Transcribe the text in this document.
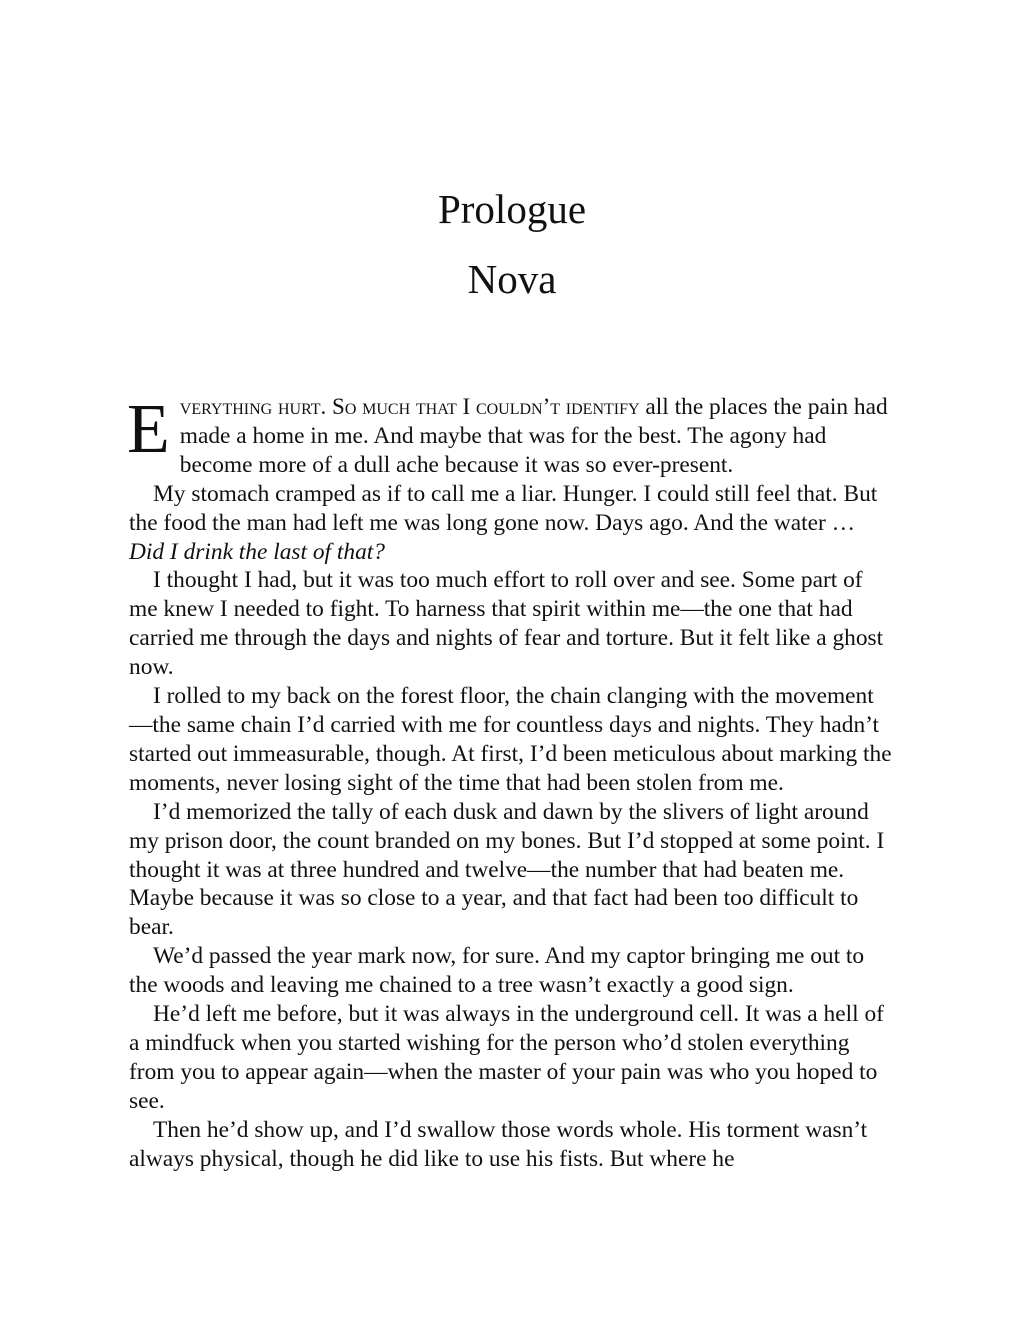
Prologue
Nova

Everything hurt. So much that I couldn’t identify all the places the pain had made a home in me. And maybe that was for the best. The agony had become more of a dull ache because it was so ever-present.

My stomach cramped as if to call me a liar. Hunger. I could still feel that. But the food the man had left me was long gone now. Days ago. And the water … Did I drink the last of that?

I thought I had, but it was too much effort to roll over and see. Some part of me knew I needed to fight. To harness that spirit within me—the one that had carried me through the days and nights of fear and torture. But it felt like a ghost now.

I rolled to my back on the forest floor, the chain clanging with the movement—the same chain I’d carried with me for countless days and nights. They hadn’t started out immeasurable, though. At first, I’d been meticulous about marking the moments, never losing sight of the time that had been stolen from me.

I’d memorized the tally of each dusk and dawn by the slivers of light around my prison door, the count branded on my bones. But I’d stopped at some point. I thought it was at three hundred and twelve—the number that had beaten me. Maybe because it was so close to a year, and that fact had been too difficult to bear.

We’d passed the year mark now, for sure. And my captor bringing me out to the woods and leaving me chained to a tree wasn’t exactly a good sign.

He’d left me before, but it was always in the underground cell. It was a hell of a mindfuck when you started wishing for the person who’d stolen everything from you to appear again—when the master of your pain was who you hoped to see.

Then he’d show up, and I’d swallow those words whole. His torment wasn’t always physical, though he did like to use his fists. But where he
